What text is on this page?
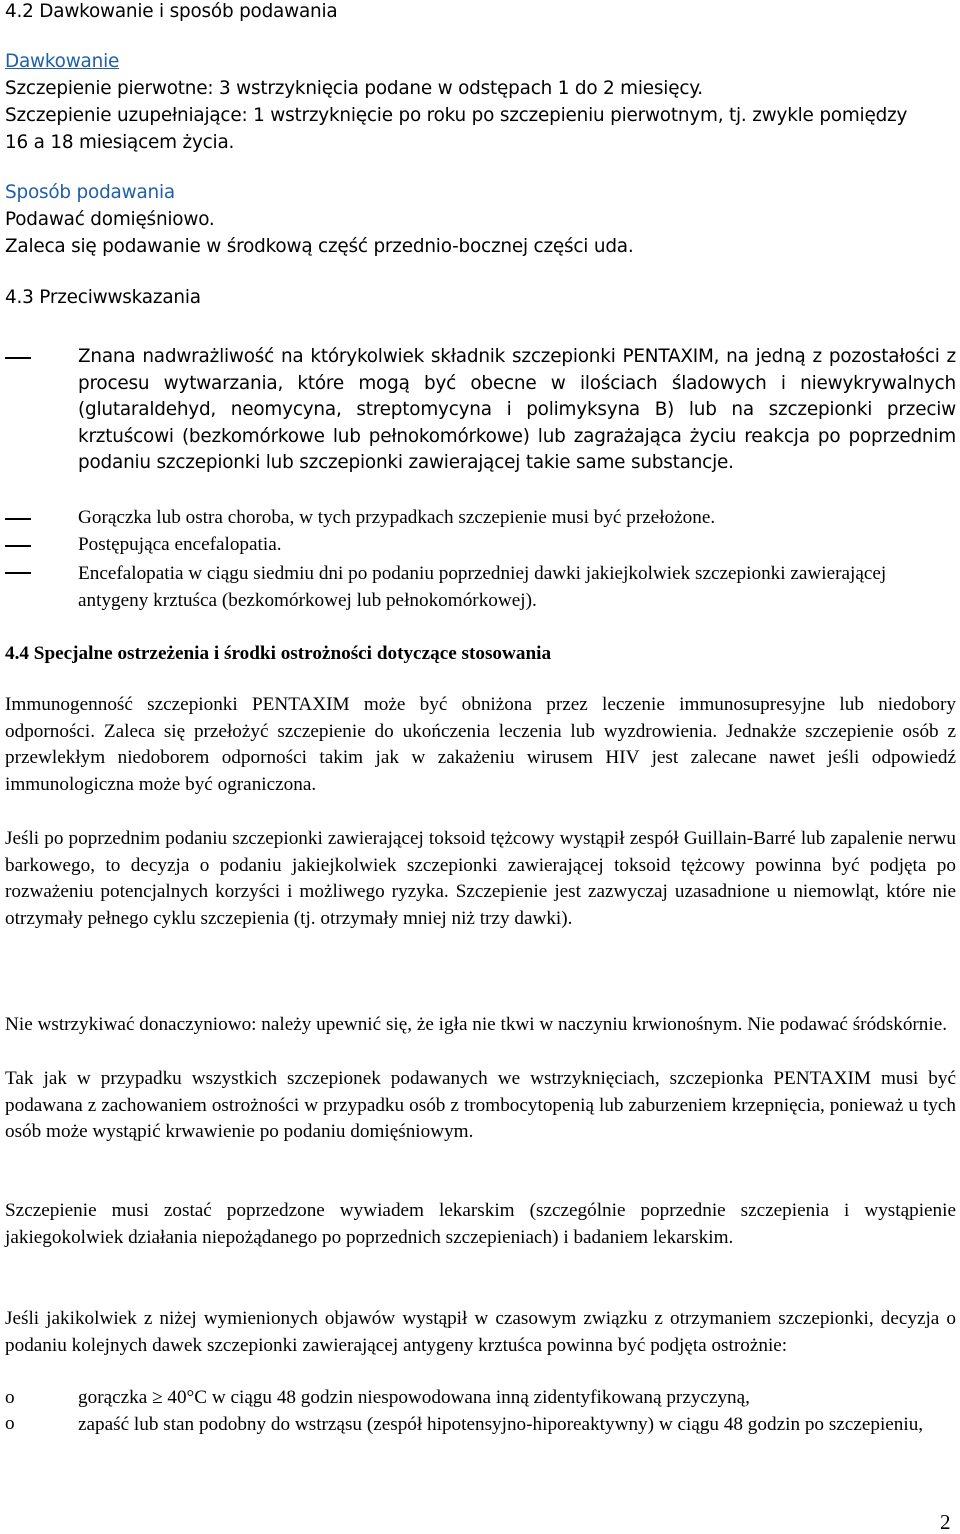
4.2 Dawkowanie i sposób podawania
Dawkowanie
Szczepienie pierwotne: 3 wstrzyknięcia podane w odstępach 1 do 2 miesięcy.
Szczepienie uzupełniające: 1 wstrzyknięcie po roku po szczepieniu pierwotnym, tj. zwykle pomiędzy
16 a 18 miesiącem życia.
Sposób podawania
Podawać domięśniowo.
Zaleca się podawanie w środkową część przednio-bocznej części uda.
4.3 Przeciwwskazania
Znana nadwrażliwość na którykolwiek składnik szczepionki PENTAXIM, na jedną z pozostałości z procesu wytwarzania, które mogą być obecne w ilościach śladowych i niewykrywalnych (glutaraldehyd, neomycyna, streptomycyna i polimyksyna B) lub na szczepionki przeciw krztuścowi (bezkomórkowe lub pełnokomórkowe) lub zagrażająca życiu reakcja po poprzednim podaniu szczepionki lub szczepionki zawierającej takie same substancje.
Gorączka lub ostra choroba, w tych przypadkach szczepienie musi być przełożone.
Postępująca encefalopatia.
Encefalopatia w ciągu siedmiu dni po podaniu poprzedniej dawki jakiejkolwiek szczepionki zawierającej antygeny krztuśca (bezkomórkowej lub pełnokomórkowej).
4.4 Specjalne ostrzeżenia i środki ostrożności dotyczące stosowania
Immunogenność szczepionki PENTAXIM może być obniżona przez leczenie immunosupresyjne lub niedobory odporności. Zaleca się przełożyć szczepienie do ukończenia leczenia lub wyzdrowienia. Jednakże szczepienie osób z przewlekłym niedoborem odporności takim jak w zakażeniu wirusem HIV jest zalecane nawet jeśli odpowiedź immunologiczna może być ograniczona.
Jeśli po poprzednim podaniu szczepionki zawierającej toksoid tężcowy wystąpił zespół Guillain-Barré lub zapalenie nerwu barkowego, to decyzja o podaniu jakiejkolwiek szczepionki zawierającej toksoid tężcowy powinna być podjęta po rozważeniu potencjalnych korzyści i możliwego ryzyka. Szczepienie jest zazwyczaj uzasadnione u niemowląt, które nie otrzymały pełnego cyklu szczepienia (tj. otrzymały mniej niż trzy dawki).
Nie wstrzykiwać donaczyniowo: należy upewnić się, że igła nie tkwi w naczyniu krwionośnym. Nie podawać śródskórnie.
Tak jak w przypadku wszystkich szczepionek podawanych we wstrzyknięciach, szczepionka PENTAXIM musi być podawana z zachowaniem ostrożności w przypadku osób z trombocytopenią lub zaburzeniem krzepnięcia, ponieważ u tych osób może wystąpić krwawienie po podaniu domięśniowym.
Szczepienie musi zostać poprzedzone wywiadem lekarskim (szczególnie poprzednie szczepienia i wystąpienie jakiegokolwiek działania niepożądanego po poprzednich szczepieniach) i badaniem lekarskim.
Jeśli jakikolwiek z niżej wymienionych objawów wystąpił w czasowym związku z otrzymaniem szczepionki, decyzja o podaniu kolejnych dawek szczepionki zawierającej antygeny krztuśca powinna być podjęta ostrożnie:
o	gorączka ≥ 40°C w ciągu 48 godzin niespowodowana inną zidentyfikowaną przyczyną,
o	zapaść lub stan podobny do wstrząsu (zespół hipotensyjno-hiporeaktywny) w ciągu 48 godzin po szczepieniu,
2
